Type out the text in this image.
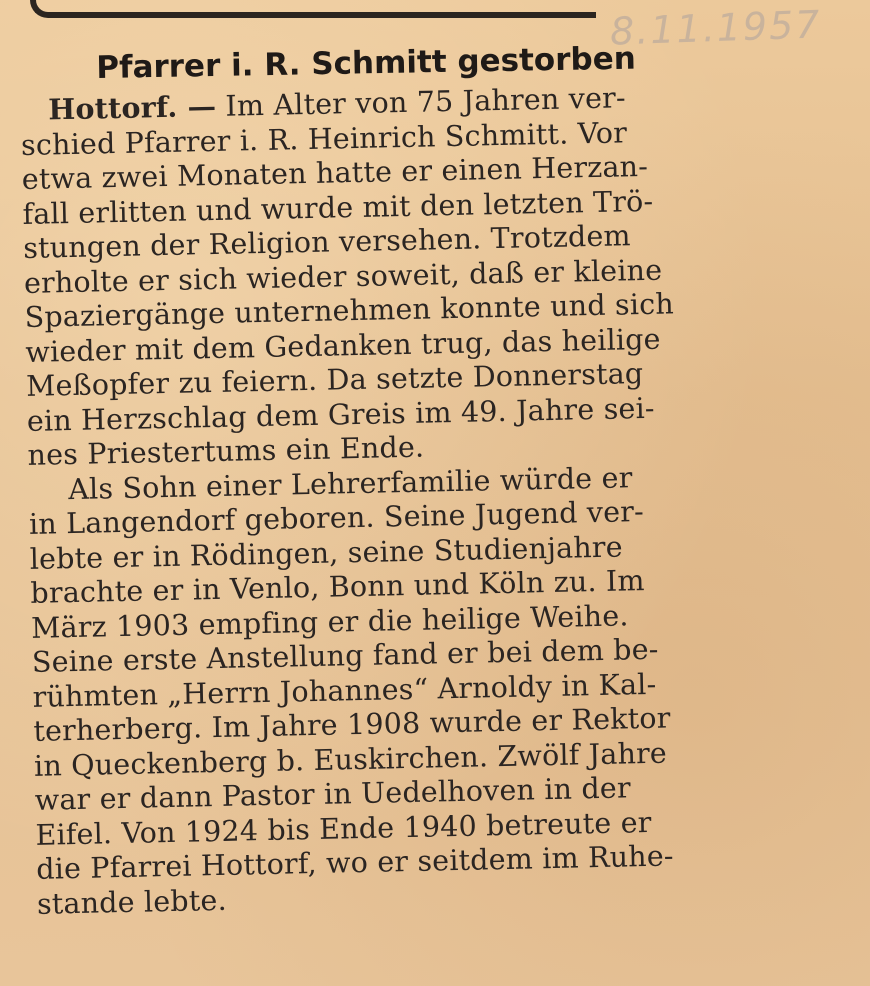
8.11.1957
Pfarrer i. R. Schmitt gestorben
Hottorf. — Im Alter von 75 Jahren ver-
schied Pfarrer i. R. Heinrich Schmitt. Vor
etwa zwei Monaten hatte er einen Herzan-
fall erlitten und wurde mit den letzten Trö-
stungen der Religion versehen. Trotzdem
erholte er sich wieder soweit, daß er kleine
Spaziergänge unternehmen konnte und sich
wieder mit dem Gedanken trug, das heilige
Meßopfer zu feiern. Da setzte Donnerstag
ein Herzschlag dem Greis im 49. Jahre sei-
nes Priestertums ein Ende.
Als Sohn einer Lehrerfamilie würde er
in Langendorf geboren. Seine Jugend ver-
lebte er in Rödingen, seine Studienjahre
brachte er in Venlo, Bonn und Köln zu. Im
März 1903 empfing er die heilige Weihe.
Seine erste Anstellung fand er bei dem be-
rühmten „Herrn Johannes“ Arnoldy in Kal-
terherberg. Im Jahre 1908 wurde er Rektor
in Queckenberg b. Euskirchen. Zwölf Jahre
war er dann Pastor in Uedelhoven in der
Eifel. Von 1924 bis Ende 1940 betreute er
die Pfarrei Hottorf, wo er seitdem im Ruhe-
stande lebte.
